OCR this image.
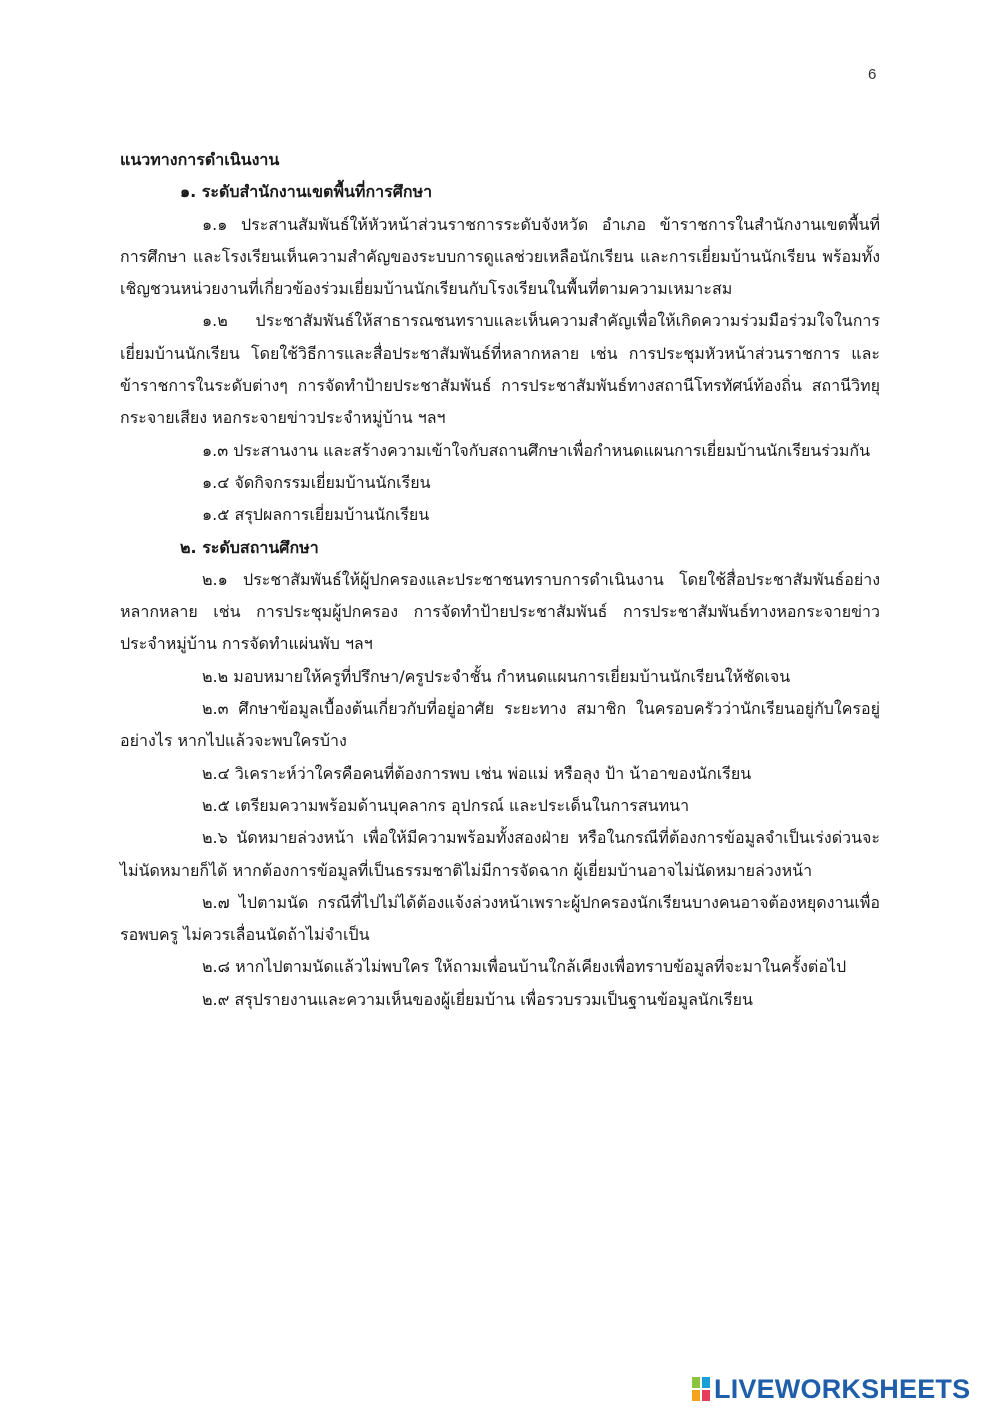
6
แนวทางการดำเนินงาน
๑. ระดับสำนักงานเขตพื้นที่การศึกษา
๑.๑ ประสานสัมพันธ์ให้หัวหน้าส่วนราชการระดับจังหวัด อำเภอ ข้าราชการในสำนักงานเขตพื้นที่การศึกษา และโรงเรียนเห็นความสำคัญของระบบการดูแลช่วยเหลือนักเรียน และการเยี่ยมบ้านนักเรียน พร้อมทั้งเชิญชวนหน่วยงานที่เกี่ยวข้องร่วมเยี่ยมบ้านนักเรียนกับโรงเรียนในพื้นที่ตามความเหมาะสม
๑.๒ ประชาสัมพันธ์ให้สาธารณชนทราบและเห็นความสำคัญเพื่อให้เกิดความร่วมมือร่วมใจในการเยี่ยมบ้านนักเรียน โดยใช้วิธีการและสื่อประชาสัมพันธ์ที่หลากหลาย เช่น การประชุมหัวหน้าส่วนราชการ และข้าราชการในระดับต่างๆ การจัดทำป้ายประชาสัมพันธ์ การประชาสัมพันธ์ทางสถานีโทรทัศน์ท้องถิ่น สถานีวิทยุกระจายเสียง หอกระจายข่าวประจำหมู่บ้าน ฯลฯ
๑.๓ ประสานงาน และสร้างความเข้าใจกับสถานศึกษาเพื่อกำหนดแผนการเยี่ยมบ้านนักเรียนร่วมกัน
๑.๔ จัดกิจกรรมเยี่ยมบ้านนักเรียน
๑.๕ สรุปผลการเยี่ยมบ้านนักเรียน
๒. ระดับสถานศึกษา
๒.๑ ประชาสัมพันธ์ให้ผู้ปกครองและประชาชนทราบการดำเนินงาน โดยใช้สื่อประชาสัมพันธ์อย่างหลากหลาย เช่น การประชุมผู้ปกครอง การจัดทำป้ายประชาสัมพันธ์ การประชาสัมพันธ์ทางหอกระจายข่าวประจำหมู่บ้าน การจัดทำแผ่นพับ ฯลฯ
๒.๒ มอบหมายให้ครูที่ปรึกษา/ครูประจำชั้น กำหนดแผนการเยี่ยมบ้านนักเรียนให้ชัดเจน
๒.๓ ศึกษาข้อมูลเบื้องต้นเกี่ยวกับที่อยู่อาศัย ระยะทาง สมาชิก ในครอบครัวว่านักเรียนอยู่กับใครอยู่อย่างไร หากไปแล้วจะพบใครบ้าง
๒.๔ วิเคราะห์ว่าใครคือคนที่ต้องการพบ เช่น พ่อแม่ หรือลุง ป้า น้าอาของนักเรียน
๒.๕ เตรียมความพร้อมด้านบุคลากร อุปกรณ์ และประเด็นในการสนทนา
๒.๖ นัดหมายล่วงหน้า เพื่อให้มีความพร้อมทั้งสองฝ่าย หรือในกรณีที่ต้องการข้อมูลจำเป็นเร่งด่วนจะไม่นัดหมายก็ได้ หากต้องการข้อมูลที่เป็นธรรมชาติไม่มีการจัดฉาก ผู้เยี่ยมบ้านอาจไม่นัดหมายล่วงหน้า
๒.๗ ไปตามนัด กรณีที่ไปไม่ได้ต้องแจ้งล่วงหน้าเพราะผู้ปกครองนักเรียนบางคนอาจต้องหยุดงานเพื่อรอพบครู ไม่ควรเลื่อนนัดถ้าไม่จำเป็น
๒.๘ หากไปตามนัดแล้วไม่พบใคร ให้ถามเพื่อนบ้านใกล้เคียงเพื่อทราบข้อมูลที่จะมาในครั้งต่อไป
๒.๙ สรุปรายงานและความเห็นของผู้เยี่ยมบ้าน เพื่อรวบรวมเป็นฐานข้อมูลนักเรียน
LIVEWORKSHEETS
